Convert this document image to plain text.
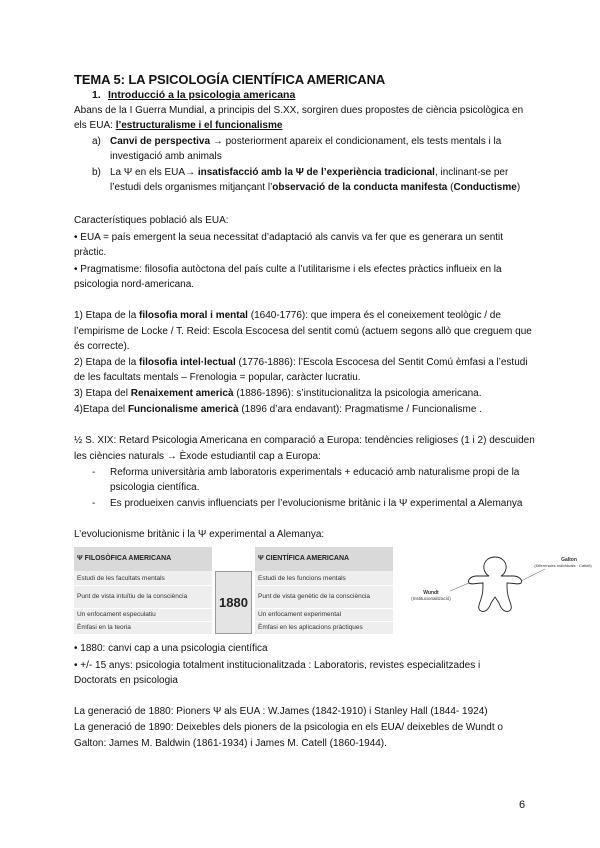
TEMA 5: LA PSICOLOGÍA CIENTÍFICA AMERICANA
1. Introducció a la psicologia americana
Abans de la I Guerra Mundial, a principis del S.XX, sorgiren dues propostes de ciència psicològica en
els EUA: l’estructuralisme i el funcionalisme
a) Canvi de perspectiva → posteriorment apareix el condicionament, els tests mentals i la
investigació amb animals
b) La Ψ en els EUA→ insatisfacció amb la Ψ de l’experiència tradicional, inclinant-se per
l’estudi dels organismes mitjançant l’observació de la conducta manifesta (Conductisme)
Característiques població als EUA:
• EUA = país emergent la seua necessitat d’adaptació als canvis va fer que es generara un sentit
pràctic.
• Pragmatisme: filosofia autòctona del país culte a l’utilitarisme i els efectes pràctics influeix en la
psicologia nord-americana.
1) Etapa de la filosofia moral i mental (1640-1776): que impera és el coneixement teològic / de
l’empirisme de Locke / T. Reid: Escola Escocesa del sentit comú (actuem segons allò que creguem que
és correcte).
2) Etapa de la filosofia intel·lectual (1776-1886): l’Escola Escocesa del Sentit Comú èmfasi a l’estudi
de les facultats mentals – Frenologia = popular, caràcter lucratiu.
3) Etapa del Renaixement americà (1886-1896): s’institucionalitza la psicologia americana.
4)Etapa del Funcionalisme americà (1896 d’ara endavant): Pragmatisme / Funcionalisme .
½ S. XIX: Retard Psicologia Americana en comparació a Europa: tendències religioses (1 i 2) descuiden
les ciències naturals → Èxode estudiantil cap a Europa:
- Reforma universitària amb laboratoris experimentals + educació amb naturalisme propi de la
psicologia científica.
- Es produeixen canvis influenciats per l’evolucionisme britànic i la Ψ experimental a Alemanya
L’evolucionisme britànic i la Ψ experimental a Alemanya:
Ψ FILOSÒFICA AMERICANA	Ψ CIENTÍFICA AMERICANA
1880
Estudi de les facultats mentals	Estudi de les funcions mentals
Punt de vista intuïtiu de la consciència	Punt de vista genètic de la consciència
Un enfocament especulatiu	Un enfocament experimental
Èmfasi en la teoria	Èmfasi en les aplicacions pràctiques
Galton
(Diferències individuals · Cattell)
Wundt
(Institucionalització)
• 1880: canvi cap a una psicologia científica
• +/- 15 anys: psicologia totalment institucionalitzada : Laboratoris, revistes especialitzades i
Doctorats en psicologia
La generació de 1880: Pioners Ψ als EUA : W.James (1842-1910) i Stanley Hall (1844- 1924)
La generació de 1890: Deixebles dels pioners de la psicologia en els EUA/ deixebles de Wundt o
Galton: James M. Baldwin (1861-1934) i James M. Catell (1860-1944).
6
